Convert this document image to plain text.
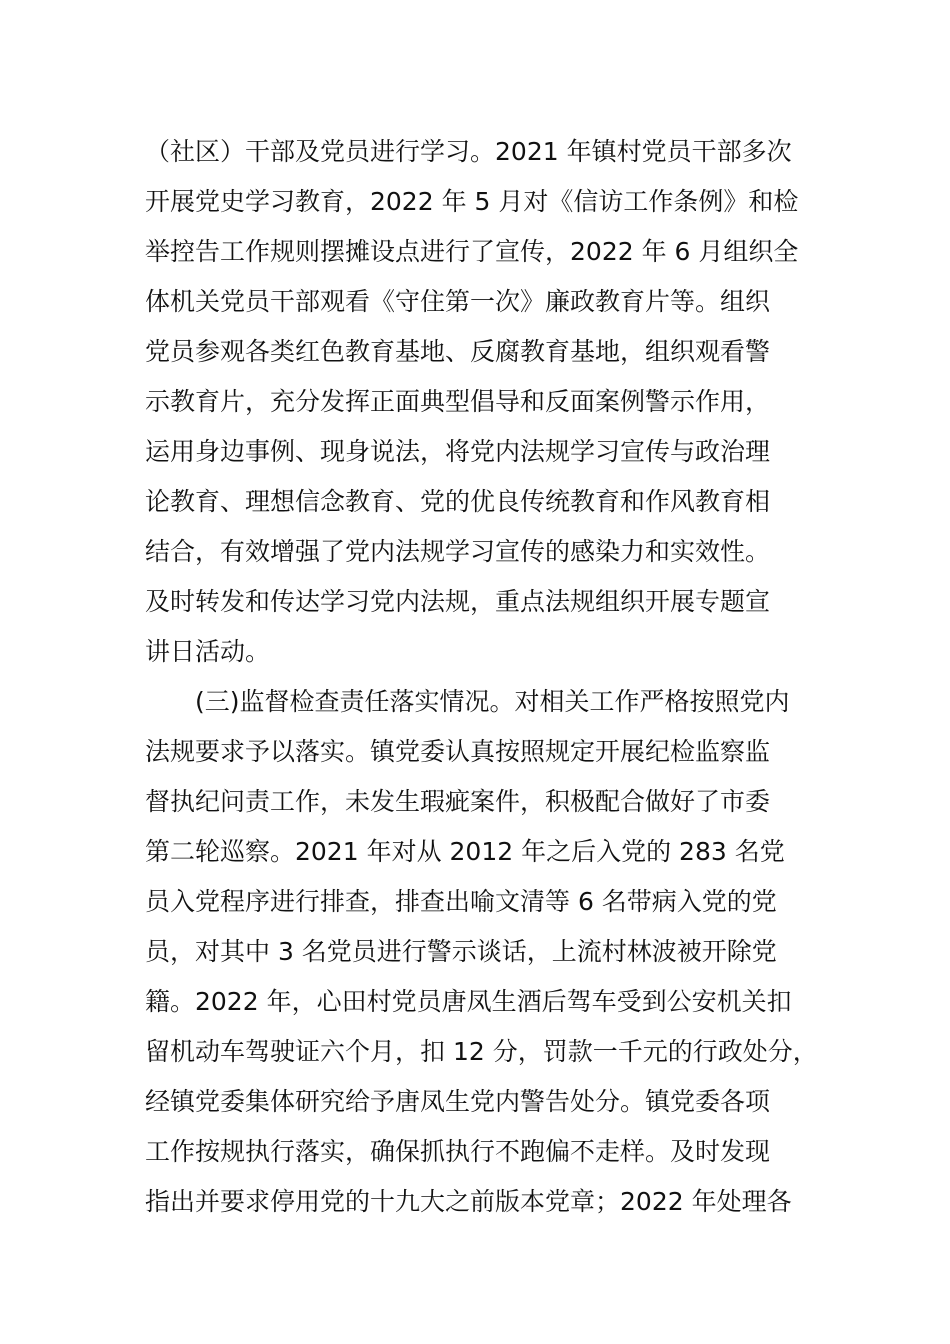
（社区）干部及党员进行学习。2021 年镇村党员干部多次
开展党史学习教育，2022 年 5 月对《信访工作条例》和检
举控告工作规则摆摊设点进行了宣传，2022 年 6 月组织全
体机关党员干部观看《守住第一次》廉政教育片等。组织
党员参观各类红色教育基地、反腐教育基地，组织观看警
示教育片，充分发挥正面典型倡导和反面案例警示作用，
运用身边事例、现身说法，将党内法规学习宣传与政治理
论教育、理想信念教育、党的优良传统教育和作风教育相
结合，有效增强了党内法规学习宣传的感染力和实效性。
及时转发和传达学习党内法规，重点法规组织开展专题宣
讲日活动。
(三)监督检查责任落实情况。对相关工作严格按照党内
法规要求予以落实。镇党委认真按照规定开展纪检监察监
督执纪问责工作，未发生瑕疵案件，积极配合做好了市委
第二轮巡察。2021 年对从 2012 年之后入党的 283 名党
员入党程序进行排查，排查出喻文清等 6 名带病入党的党
员，对其中 3 名党员进行警示谈话，上流村林波被开除党
籍。2022 年，心田村党员唐凤生酒后驾车受到公安机关扣
留机动车驾驶证六个月，扣 12 分，罚款一千元的行政处分，
经镇党委集体研究给予唐凤生党内警告处分。镇党委各项
工作按规执行落实，确保抓执行不跑偏不走样。及时发现
指出并要求停用党的十九大之前版本党章；2022 年处理各
